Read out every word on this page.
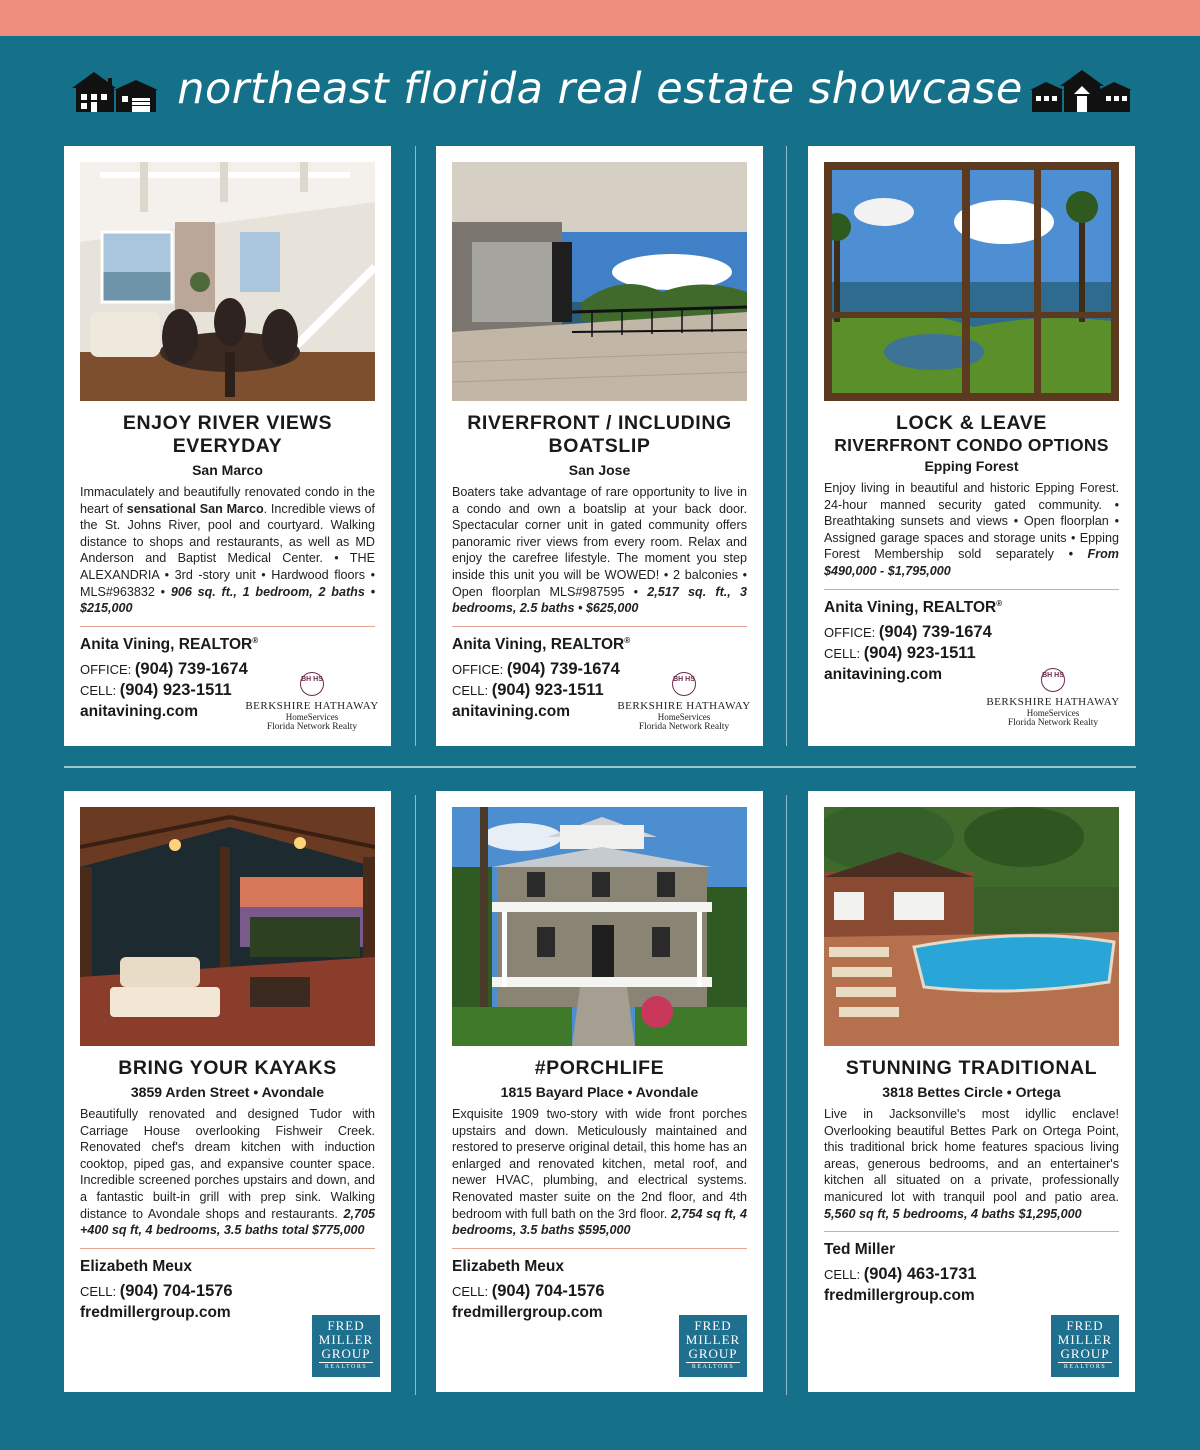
northeast florida real estate showcase
ENJOY RIVER VIEWS EVERYDAY
San Marco
Immaculately and beautifully renovated condo in the heart of sensational San Marco. Incredible views of the St. Johns River, pool and courtyard. Walking distance to shops and restaurants, as well as MD Anderson and Baptist Medical Center. • THE ALEXANDRIA • 3rd -story unit • Hardwood floors • MLS#963832 • 906 sq. ft., 1 bedroom, 2 baths • $215,000
Anita Vining, REALTOR®
OFFICE: (904) 739-1674
CELL: (904) 923-1511
anitavining.com
BH HS
BERKSHIRE HATHAWAY
HomeServices
Florida Network Realty
RIVERFRONT / INCLUDING BOATSLIP
San Jose
Boaters take advantage of rare opportunity to live in a condo and own a boatslip at your back door. Spectacular corner unit in gated community offers panoramic river views from every room. Relax and enjoy the carefree lifestyle. The moment you step inside this unit you will be WOWED! • 2 balconies • Open floorplan MLS#987595 • 2,517 sq. ft., 3 bedrooms, 2.5 baths • $625,000
Anita Vining, REALTOR®
OFFICE: (904) 739-1674
CELL: (904) 923-1511
anitavining.com
BH HS
BERKSHIRE HATHAWAY
HomeServices
Florida Network Realty
LOCK & LEAVE
RIVERFRONT CONDO OPTIONS
Epping Forest
Enjoy living in beautiful and historic Epping Forest. 24-hour manned security gated community. • Breathtaking sunsets and views • Open floorplan • Assigned garage spaces and storage units • Epping Forest Membership sold separately • From $490,000 - $1,795,000
Anita Vining, REALTOR®
OFFICE: (904) 739-1674
CELL: (904) 923-1511
anitavining.com	BH HS
BERKSHIRE HATHAWAY
HomeServices
Florida Network Realty
BRING YOUR KAYAKS
3859 Arden Street • Avondale
Beautifully renovated and designed Tudor with Carriage House overlooking Fishweir Creek. Renovated chef's dream kitchen with induction cooktop, piped gas, and expansive counter space. Incredible screened porches upstairs and down, and a fantastic built-in grill with prep sink. Walking distance to Avondale shops and restaurants. 2,705 +400 sq ft, 4 bedrooms, 3.5 baths total $775,000
Elizabeth Meux
CELL: (904) 704-1576
fredmillergroup.com
FRED
MILLER
GROUP
REALTORS
#PORCHLIFE
1815 Bayard Place • Avondale
Exquisite 1909 two-story with wide front porches upstairs and down. Meticulously maintained and restored to preserve original detail, this home has an enlarged and renovated kitchen, metal roof, and newer HVAC, plumbing, and electrical systems. Renovated master suite on the 2nd floor, and 4th bedroom with full bath on the 3rd floor. 2,754 sq ft, 4 bedrooms, 3.5 baths $595,000
Elizabeth Meux
CELL: (904) 704-1576
fredmillergroup.com
FRED
MILLER
GROUP
REALTORS
STUNNING TRADITIONAL
3818 Bettes Circle • Ortega
Live in Jacksonville's most idyllic enclave! Overlooking beautiful Bettes Park on Ortega Point, this traditional brick home features spacious living areas, generous bedrooms, and an entertainer's kitchen all situated on a private, professionally manicured lot with tranquil pool and patio area. 5,560 sq ft, 5 bedrooms, 4 baths $1,295,000
Ted Miller
CELL: (904) 463-1731
fredmillergroup.com
FRED
MILLER
GROUP
REALTORS
